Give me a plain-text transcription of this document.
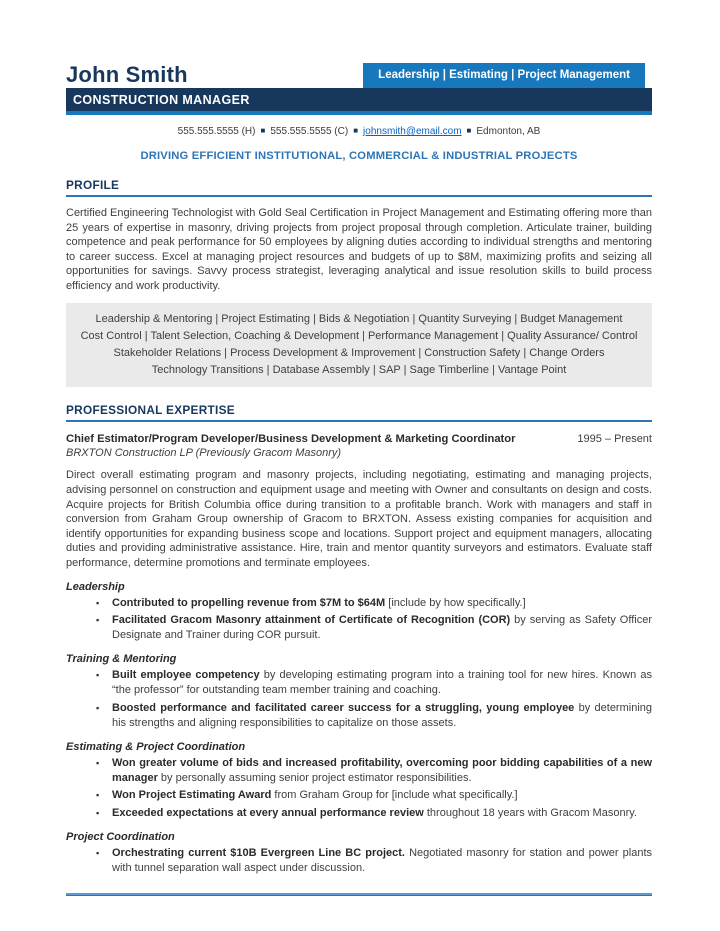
John Smith	Leadership | Estimating | Project Management
CONSTRUCTION MANAGER
555.555.5555 (H) ■ 555.555.5555 (C) ■ johnsmith@email.com ■ Edmonton, AB
DRIVING EFFICIENT INSTITUTIONAL, COMMERCIAL & INDUSTRIAL PROJECTS
PROFILE
Certified Engineering Technologist with Gold Seal Certification in Project Management and Estimating offering more than 25 years of expertise in masonry, driving projects from project proposal through completion. Articulate trainer, building competence and peak performance for 50 employees by aligning duties according to individual strengths and mentoring to career success. Excel at managing project resources and budgets of up to $8M, maximizing profits and seizing all opportunities for savings. Savvy process strategist, leveraging analytical and issue resolution skills to build process efficiency and work productivity.
Leadership & Mentoring | Project Estimating | Bids & Negotiation | Quantity Surveying | Budget Management
Cost Control | Talent Selection, Coaching & Development | Performance Management | Quality Assurance/ Control
Stakeholder Relations | Process Development & Improvement | Construction Safety | Change Orders
Technology Transitions | Database Assembly | SAP | Sage Timberline | Vantage Point
PROFESSIONAL EXPERTISE
Chief Estimator/Program Developer/Business Development & Marketing Coordinator	1995 – Present
BRXTON Construction LP (Previously Gracom Masonry)
Direct overall estimating program and masonry projects, including negotiating, estimating and managing projects, advising personnel on construction and equipment usage and meeting with Owner and consultants on design and costs. Acquire projects for British Columbia office during transition to a profitable branch. Work with managers and staff in conversion from Graham Group ownership of Gracom to BRXTON. Assess existing companies for acquisition and identify opportunities for expanding business scope and locations. Support project and equipment managers, allocating duties and providing administrative assistance. Hire, train and mentor quantity surveyors and estimators. Evaluate staff performance, determine promotions and terminate employees.
Leadership
▪	Contributed to propelling revenue from $7M to $64M [include by how specifically.]
▪	Facilitated Gracom Masonry attainment of Certificate of Recognition (COR) by serving as Safety Officer Designate and Trainer during COR pursuit.
Training & Mentoring
▪	Built employee competency by developing estimating program into a training tool for new hires. Known as “the professor” for outstanding team member training and coaching.
▪	Boosted performance and facilitated career success for a struggling, young employee by determining his strengths and aligning responsibilities to capitalize on those assets.
Estimating & Project Coordination
▪	Won greater volume of bids and increased profitability, overcoming poor bidding capabilities of a new manager by personally assuming senior project estimator responsibilities.
▪	Won Project Estimating Award from Graham Group for [include what specifically.]
▪	Exceeded expectations at every annual performance review throughout 18 years with Gracom Masonry.
Project Coordination
▪	Orchestrating current $10B Evergreen Line BC project. Negotiated masonry for station and power plants with tunnel separation wall aspect under discussion.
